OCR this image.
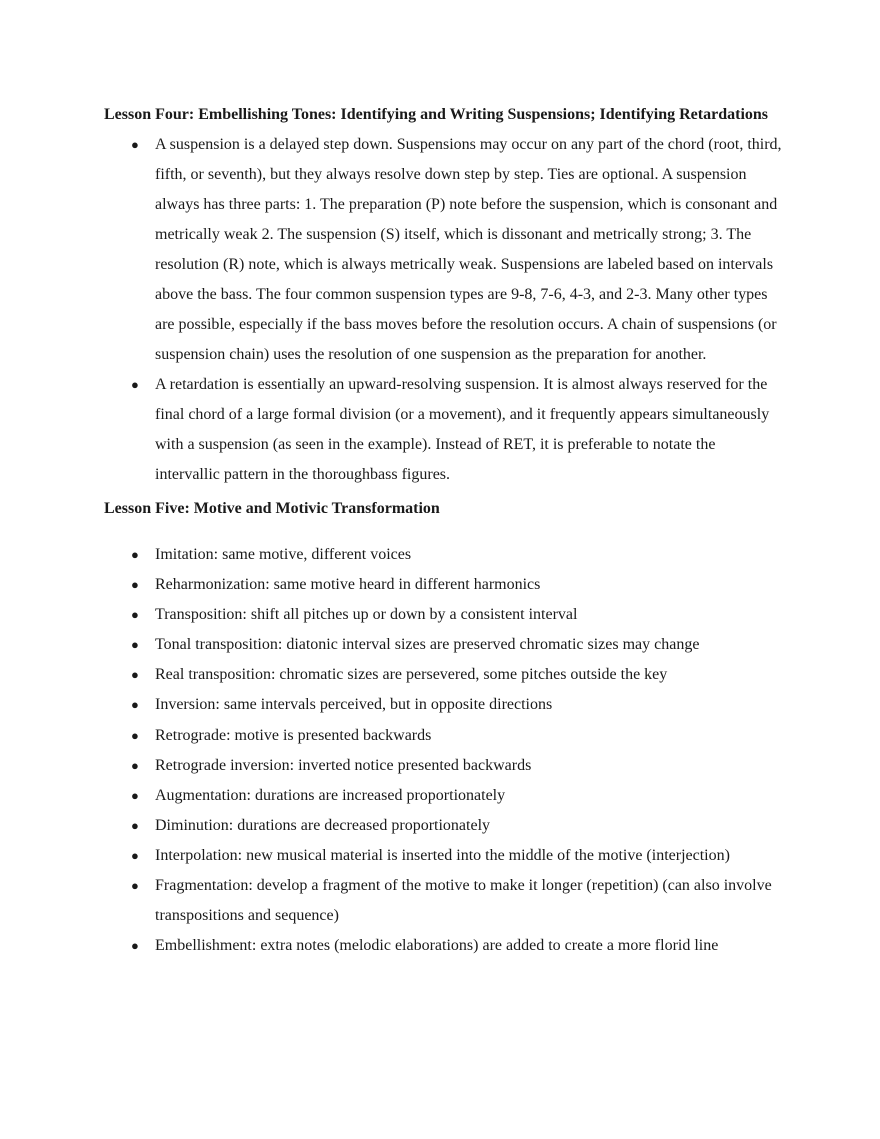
Lesson Four: Embellishing Tones: Identifying and Writing Suspensions; Identifying Retardations
● A suspension is a delayed step down. Suspensions may occur on any part of the chord (root, third, fifth, or seventh), but they always resolve down step by step. Ties are optional. A suspension always has three parts: 1. The preparation (P) note before the suspension, which is consonant and metrically weak 2. The suspension (S) itself, which is dissonant and metrically strong; 3. The resolution (R) note, which is always metrically weak. Suspensions are labeled based on intervals above the bass. The four common suspension types are 9-8, 7-6, 4-3, and 2-3. Many other types are possible, especially if the bass moves before the resolution occurs. A chain of suspensions (or suspension chain) uses the resolution of one suspension as the preparation for another.
● A retardation is essentially an upward-resolving suspension. It is almost always reserved for the final chord of a large formal division (or a movement), and it frequently appears simultaneously with a suspension (as seen in the example). Instead of RET, it is preferable to notate the intervallic pattern in the thoroughbass figures.
Lesson Five: Motive and Motivic Transformation
● Imitation: same motive, different voices
● Reharmonization: same motive heard in different harmonics
● Transposition: shift all pitches up or down by a consistent interval
● Tonal transposition: diatonic interval sizes are preserved chromatic sizes may change
● Real transposition: chromatic sizes are persevered, some pitches outside the key
● Inversion: same intervals perceived, but in opposite directions
● Retrograde: motive is presented backwards
● Retrograde inversion: inverted notice presented backwards
● Augmentation: durations are increased proportionately
● Diminution: durations are decreased proportionately
● Interpolation: new musical material is inserted into the middle of the motive (interjection)
● Fragmentation: develop a fragment of the motive to make it longer (repetition) (can also involve transpositions and sequence)
● Embellishment: extra notes (melodic elaborations) are added to create a more florid line
